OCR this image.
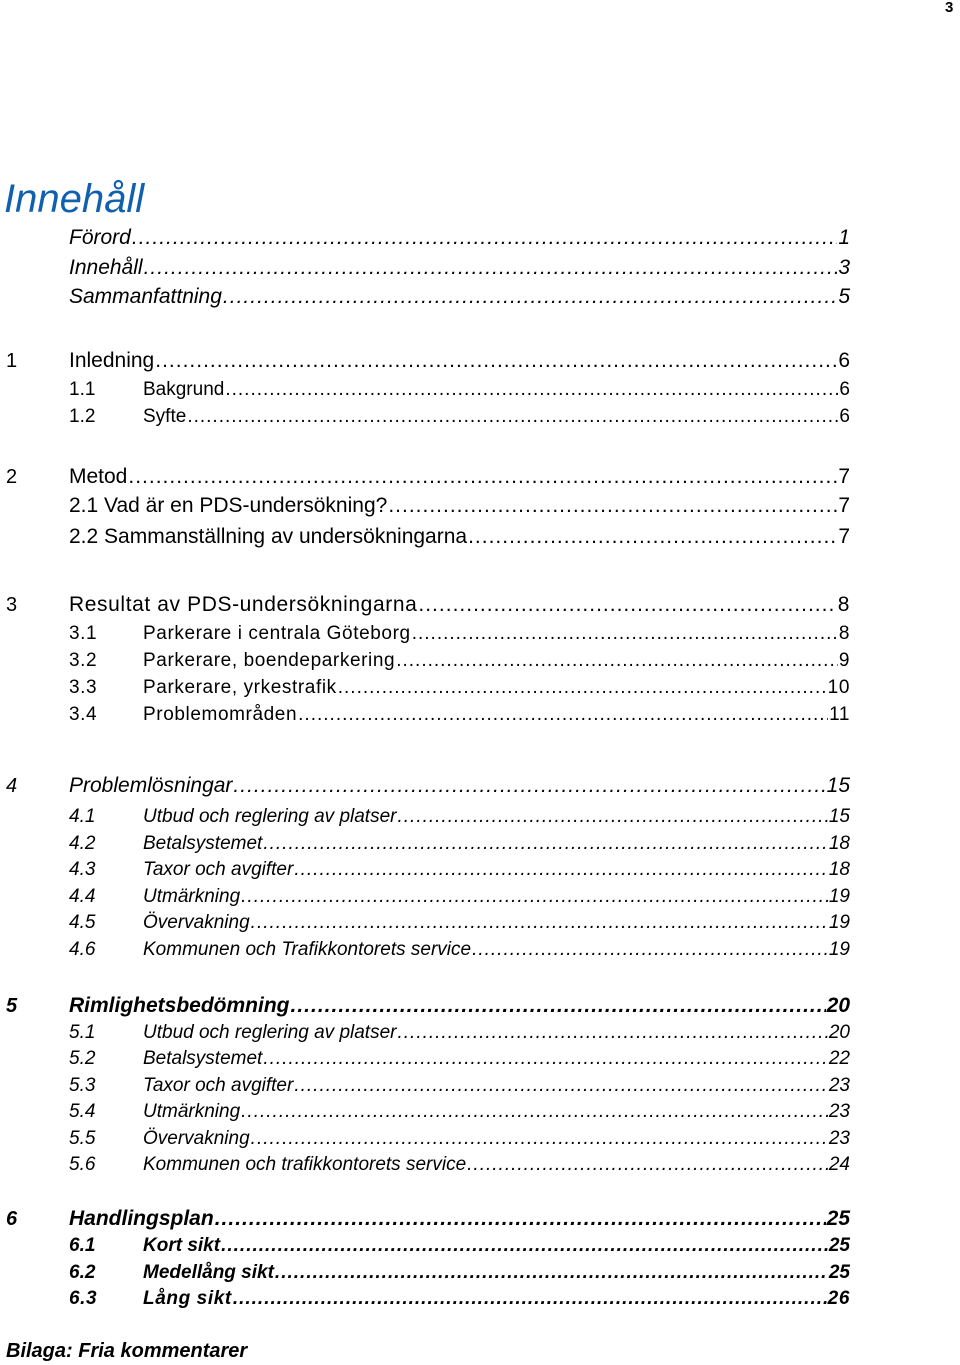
3
Innehåll
Förord .....	1
Innehåll .....	3
Sammanfattning .....	5
1 Inledning .....	6
1.1	Bakgrund .....	6
1.2	Syfte .....	6
2 Metod .....	7
2.1 Vad är en PDS-undersökning? .....	7
2.2 Sammanställning av undersökningarna .....	7
3 Resultat av PDS-undersökningarna .....	8
3.1	Parkerare i centrala Göteborg .....	8
3.2	Parkerare, boendeparkering .....	9
3.3	Parkerare, yrkestrafik .....	10
3.4	Problemområden .....	11
4 Problemlösningar .....	15
4.1	Utbud och reglering av platser .....	15
4.2	Betalsystemet .....	18
4.3	Taxor och avgifter .....	18
4.4	Utmärkning .....	19
4.5	Övervakning .....	19
4.6	Kommunen och Trafikkontorets service .....	19
5 Rimlighetsbedömning .....	20
5.1	Utbud och reglering av platser .....	20
5.2	Betalsystemet .....	22
5.3	Taxor och avgifter .....	23
5.4	Utmärkning .....	23
5.5	Övervakning .....	23
5.6	Kommunen och trafikkontorets service .....	24
6 Handlingsplan .....	25
6.1	Kort sikt .....	25
6.2	Medellång sikt .....	25
6.3	Lång sikt .....	26
Bilaga: Fria kommentarer
